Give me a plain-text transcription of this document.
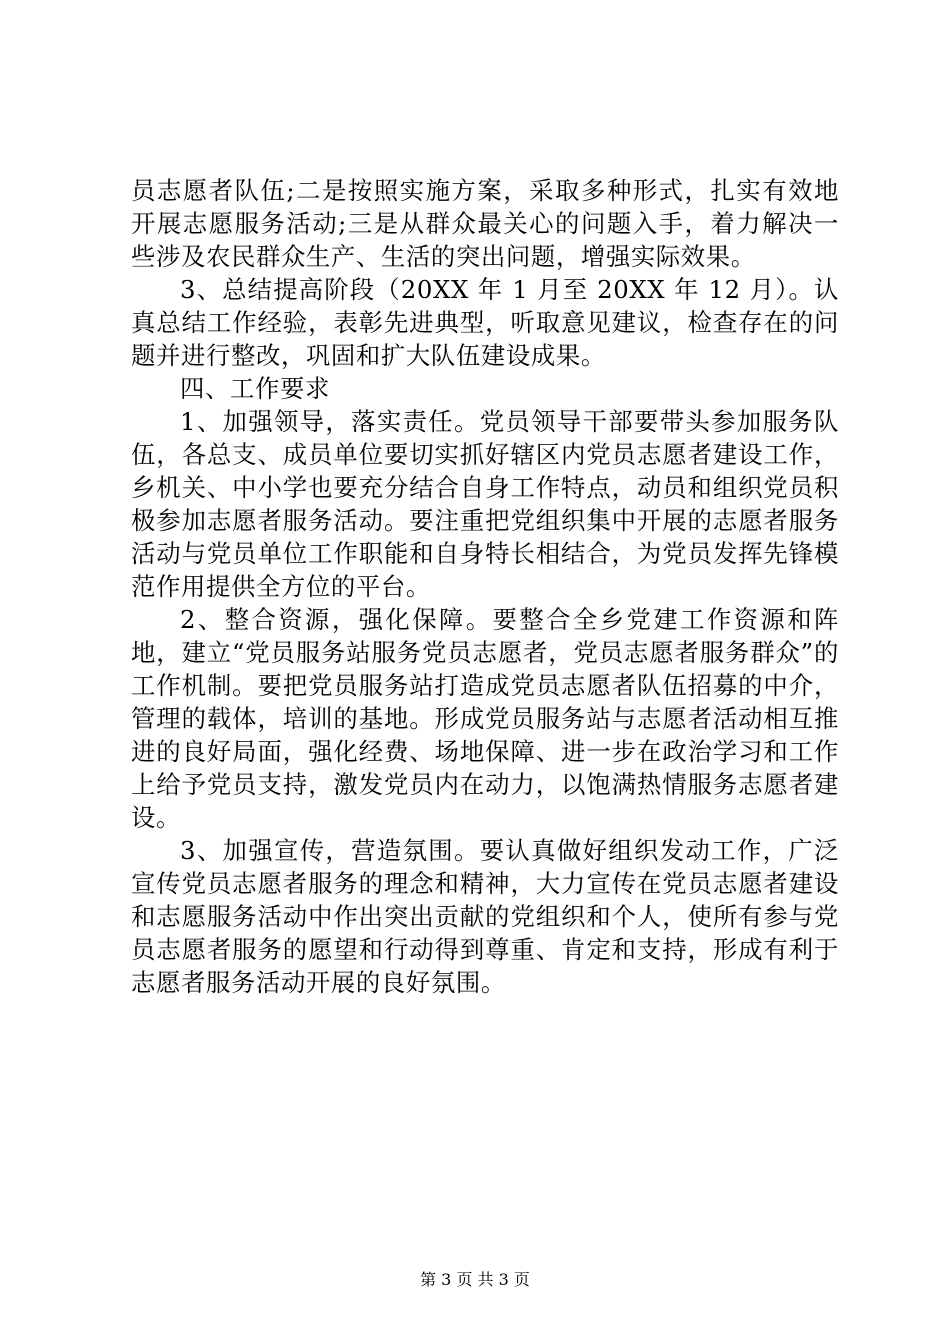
员志愿者队伍;二是按照实施方案，采取多种形式，扎实有效地开展志愿服务活动;三是从群众最关心的问题入手，着力解决一些涉及农民群众生产、生活的突出问题，增强实际效果。

3、总结提高阶段（20XX 年 1 月至 20XX 年 12 月）。认真总结工作经验，表彰先进典型，听取意见建议，检查存在的问题并进行整改，巩固和扩大队伍建设成果。

四、工作要求

1、加强领导，落实责任。党员领导干部要带头参加服务队伍，各总支、成员单位要切实抓好辖区内党员志愿者建设工作，乡机关、中小学也要充分结合自身工作特点，动员和组织党员积极参加志愿者服务活动。要注重把党组织集中开展的志愿者服务活动与党员单位工作职能和自身特长相结合，为党员发挥先锋模范作用提供全方位的平台。

2、整合资源，强化保障。要整合全乡党建工作资源和阵地，建立“党员服务站服务党员志愿者，党员志愿者服务群众”的工作机制。要把党员服务站打造成党员志愿者队伍招募的中介，管理的载体，培训的基地。形成党员服务站与志愿者活动相互推进的良好局面，强化经费、场地保障、进一步在政治学习和工作上给予党员支持，激发党员内在动力，以饱满热情服务志愿者建设。

3、加强宣传，营造氛围。要认真做好组织发动工作，广泛宣传党员志愿者服务的理念和精神，大力宣传在党员志愿者建设和志愿服务活动中作出突出贡献的党组织和个人，使所有参与党员志愿者服务的愿望和行动得到尊重、肯定和支持，形成有利于志愿者服务活动开展的良好氛围。

第 3 页 共 3 页
